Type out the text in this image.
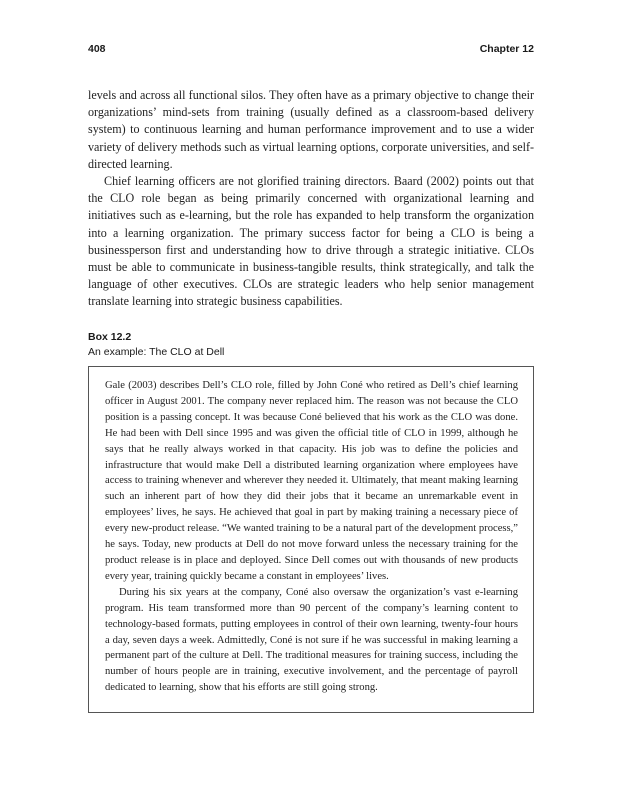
408	Chapter 12

levels and across all functional silos. They often have as a primary objective to change their organizations’ mind-sets from training (usually defined as a classroom-based delivery system) to continuous learning and human performance improvement and to use a wider variety of delivery methods such as virtual learning options, corporate universities, and self-directed learning.

Chief learning officers are not glorified training directors. Baard (2002) points out that the CLO role began as being primarily concerned with organizational learning and initiatives such as e-learning, but the role has expanded to help transform the organization into a learning organization. The primary success factor for being a CLO is being a businessperson first and understanding how to drive through a strategic initiative. CLOs must be able to communicate in business-tangible results, think strategically, and talk the language of other executives. CLOs are strategic leaders who help senior management translate learning into strategic business capabilities.

Box 12.2
An example: The CLO at Dell

Gale (2003) describes Dell’s CLO role, filled by John Coné who retired as Dell’s chief learning officer in August 2001. The company never replaced him. The reason was not because the CLO position is a passing concept. It was because Coné believed that his work as the CLO was done. He had been with Dell since 1995 and was given the official title of CLO in 1999, although he says that he really always worked in that capacity. His job was to define the policies and infrastructure that would make Dell a distributed learning organization where employees have access to training whenever and wherever they needed it. Ultimately, that meant making learning such an inherent part of how they did their jobs that it became an unremarkable event in employees’ lives, he says. He achieved that goal in part by making training a necessary piece of every new-product release. “We wanted training to be a natural part of the development process,” he says. Today, new products at Dell do not move forward unless the necessary training for the product release is in place and deployed. Since Dell comes out with thousands of new products every year, training quickly became a constant in employees’ lives.

During his six years at the company, Coné also oversaw the organization’s vast e-learning program. His team transformed more than 90 percent of the company’s learning content to technology-based formats, putting employees in control of their own learning, twenty-four hours a day, seven days a week. Admittedly, Coné is not sure if he was successful in making learning a permanent part of the culture at Dell. The traditional measures for training success, including the number of hours people are in training, executive involvement, and the percentage of payroll dedicated to learning, show that his efforts are still going strong.
